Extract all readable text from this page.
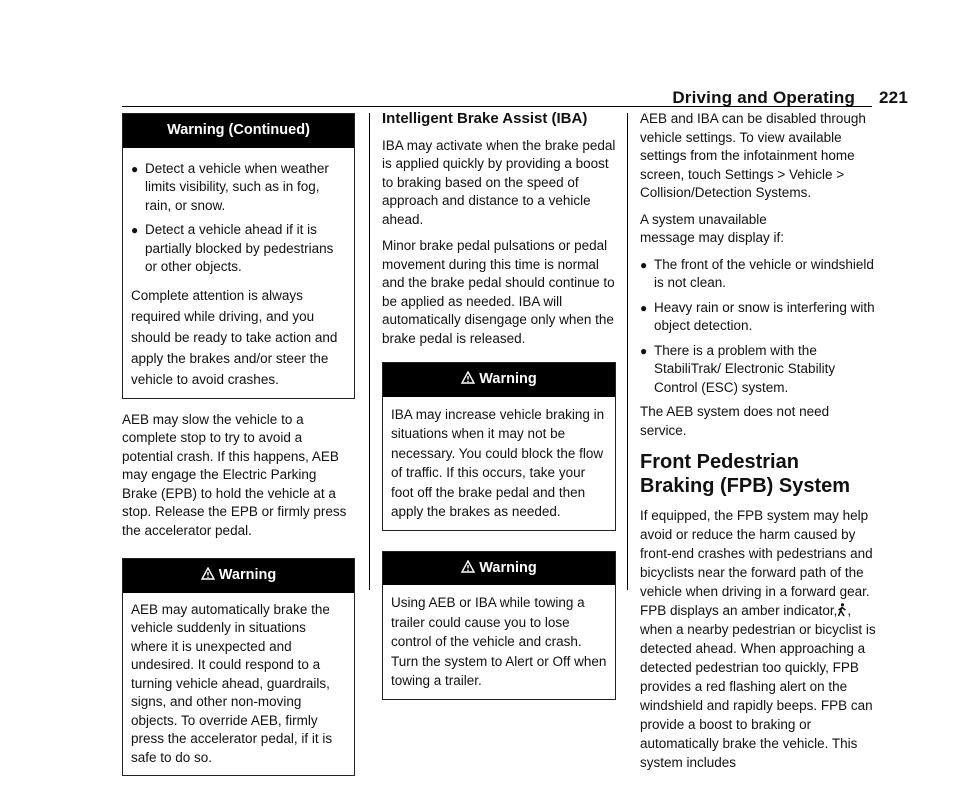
Driving and Operating 221
Warning (Continued)
● Detect a vehicle when weather limits visibility, such as in fog, rain, or snow.
● Detect a vehicle ahead if it is partially blocked by pedestrians or other objects.

Complete attention is always required while driving, and you should be ready to take action and apply the brakes and/or steer the vehicle to avoid crashes.

AEB may slow the vehicle to a complete stop to try to avoid a potential crash. If this happens, AEB may engage the Electric Parking Brake (EPB) to hold the vehicle at a stop. Release the EPB or firmly press the accelerator pedal.

Warning

AEB may automatically brake the vehicle suddenly in situations where it is unexpected and undesired. It could respond to a turning vehicle ahead, guardrails, signs, and other non-moving objects. To override AEB, firmly press the accelerator pedal, if it is safe to do so.

Intelligent Brake Assist (IBA)

IBA may activate when the brake pedal is applied quickly by providing a boost to braking based on the speed of approach and distance to a vehicle ahead.

Minor brake pedal pulsations or pedal movement during this time is normal and the brake pedal should continue to be applied as needed. IBA will automatically disengage only when the brake pedal is released.

Warning

IBA may increase vehicle braking in situations when it may not be necessary. You could block the flow of traffic. If this occurs, take your foot off the brake pedal and then apply the brakes as needed.

Warning

Using AEB or IBA while towing a trailer could cause you to lose control of the vehicle and crash. Turn the system to Alert or Off when towing a trailer.

AEB and IBA can be disabled through vehicle settings. To view available settings from the infotainment home screen, touch Settings > Vehicle > Collision/Detection Systems.

A system unavailable message may display if:

● The front of the vehicle or windshield is not clean.
● Heavy rain or snow is interfering with object detection.
● There is a problem with the StabiliTrak/ Electronic Stability Control (ESC) system.

The AEB system does not need service.

Front Pedestrian Braking (FPB) System

If equipped, the FPB system may help avoid or reduce the harm caused by front-end crashes with pedestrians and bicyclists near the forward path of the vehicle when driving in a forward gear. FPB displays an amber indicator, , when a nearby pedestrian or bicyclist is detected ahead. When approaching a detected pedestrian too quickly, FPB provides a red flashing alert on the windshield and rapidly beeps. FPB can provide a boost to braking or automatically brake the vehicle. This system includes
